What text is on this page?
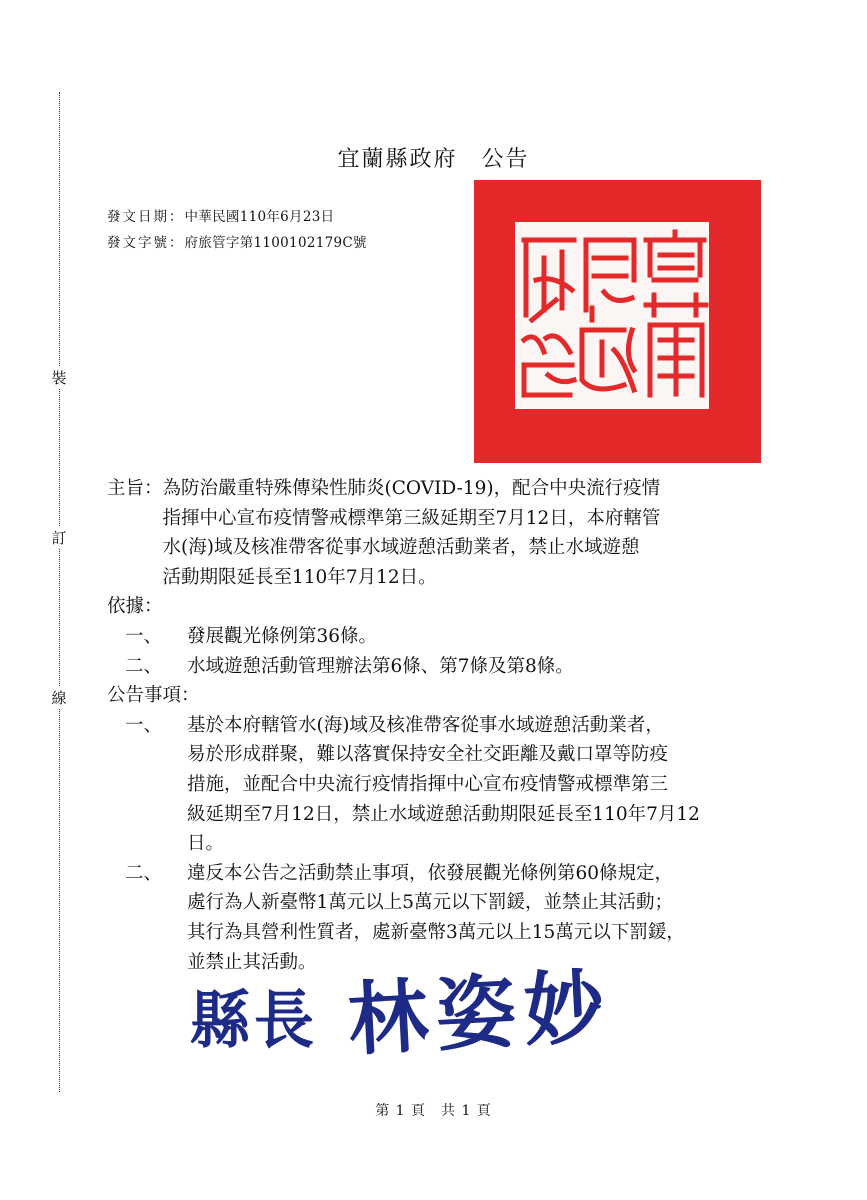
裝
訂
線
宜蘭縣政府　公告
發文日期：中華民國110年6月23日
發文字號：府旅管字第1100102179C號
主旨： 為防治嚴重特殊傳染性肺炎(COVID-19)，配合中央流行疫情
指揮中心宣布疫情警戒標準第三級延期至7月12日，本府轄管
水(海)域及核准帶客從事水域遊憩活動業者，禁止水域遊憩
活動期限延長至110年7月12日。
依據：
一、	發展觀光條例第36條。
二、	水域遊憩活動管理辦法第6條、第7條及第8條。
公告事項：
一、	基於本府轄管水(海)域及核准帶客從事水域遊憩活動業者，
易於形成群聚，難以落實保持安全社交距離及戴口罩等防疫
措施，並配合中央流行疫情指揮中心宣布疫情警戒標準第三
級延期至7月12日，禁止水域遊憩活動期限延長至110年7月12
日。
二、	違反本公告之活動禁止事項，依發展觀光條例第60條規定，
處行為人新臺幣1萬元以上5萬元以下罰鍰，並禁止其活動；
其行為具營利性質者，處新臺幣3萬元以上15萬元以下罰鍰，
並禁止其活動。
縣長 林姿妙
第 1 頁　共 1 頁
